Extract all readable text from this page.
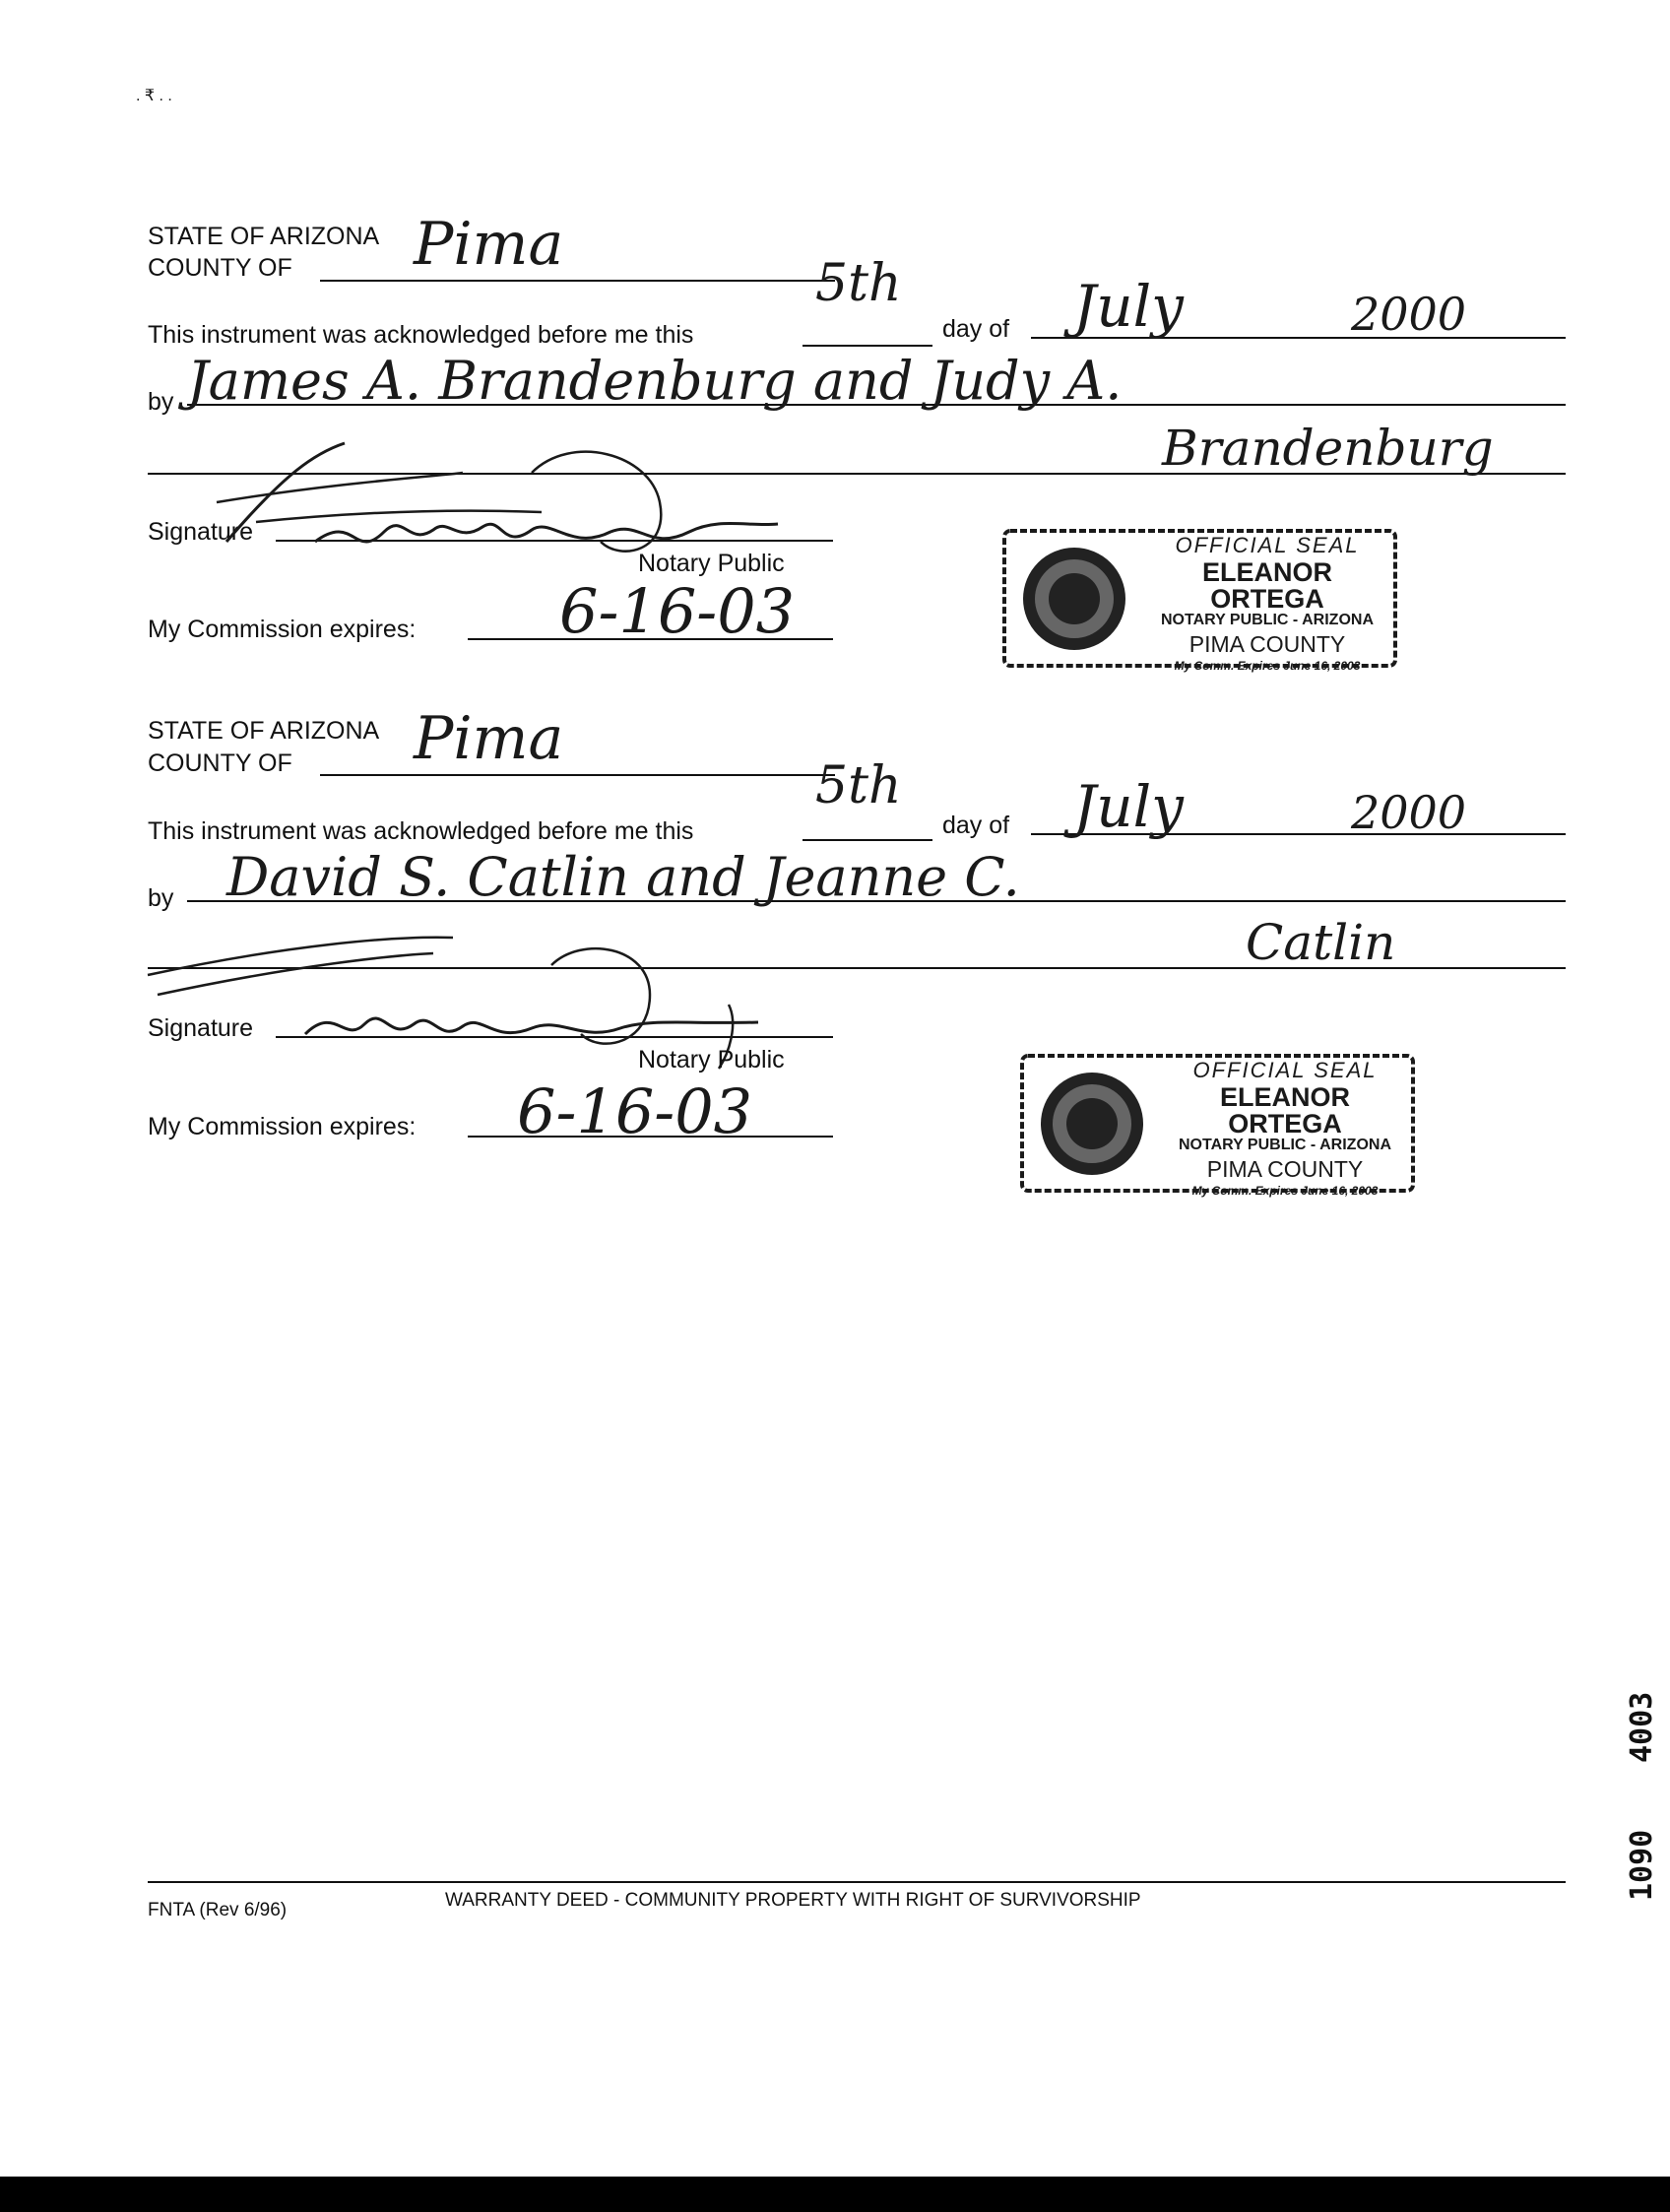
. ₹ . .
STATE OF ARIZONA
COUNTY OF Pima
This instrument was acknowledged before me this
5th
day of July	2000
by James A. Brandenburg and Judy A.
Brandenburg
Signature
Notary Public
My Commission expires: 6-16-03
OFFICIAL SEAL
ELEANOR ORTEGA
NOTARY PUBLIC - ARIZONA
PIMA COUNTY
My Comm. Expires June 16, 2003
STATE OF ARIZONA
COUNTY OF Pima
This instrument was acknowledged before me this
5th
day of July	2000
by David S. Catlin and Jeanne C.
Catlin
Signature
Notary Public
My Commission expires: 6-16-03
OFFICIAL SEAL
ELEANOR ORTEGA
NOTARY PUBLIC - ARIZONA
PIMA COUNTY
My Comm. Expires June 16, 2003
4003
1090
FNTA (Rev 6/96)	WARRANTY DEED - COMMUNITY PROPERTY WITH RIGHT OF SURVIVORSHIP
